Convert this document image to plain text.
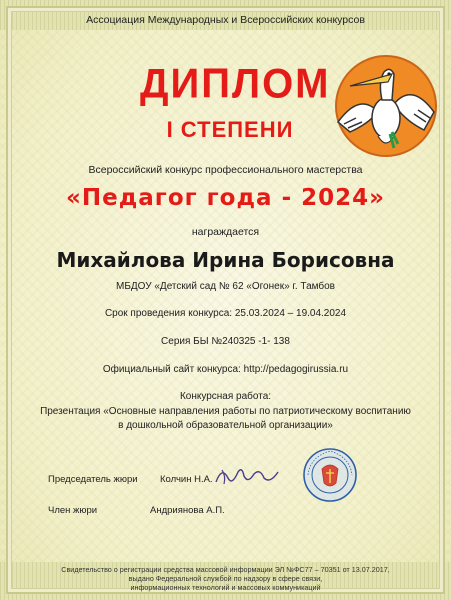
Ассоциация Международных и Всероссийских конкурсов
ДИПЛОМ
I СТЕПЕНИ
Всероссийский конкурс профессионального мастерства
«Педагог года - 2024»
награждается
Михайлова Ирина Борисовна
МБДОУ «Детский сад № 62 «Огонек» г. Тамбов
Срок проведения конкурса: 25.03.2024 – 19.04.2024
Серия БЫ №240325 -1- 138
Официальный сайт конкурса: http://pedagogirussia.ru
Конкурсная работа:
Презентация «Основные направления работы по патриотическому воспитанию
в дошкольной образовательной организации»
Председатель жюри Колчин Н.А.
Член жюри	Андриянова А.П.
Свидетельство о регистрации средства массовой информации ЭЛ №ФС77 – 70351 от 13.07.2017,
выдано Федеральной службой по надзору в сфере связи,
информационных технологий и массовых коммуникаций
